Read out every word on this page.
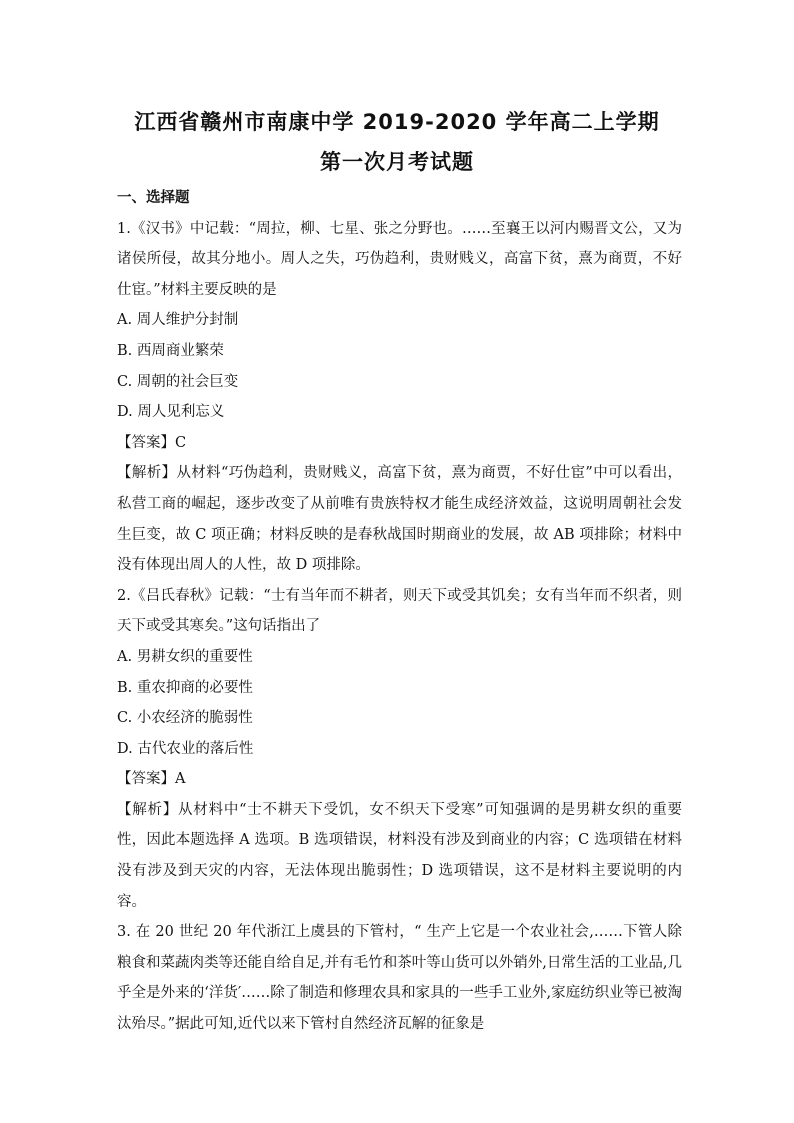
江西省赣州市南康中学 2019-2020 学年高二上学期
第一次月考试题

一、选择题

1.《汉书》中记载：“周拉，柳、七星、张之分野也。……至襄王以河内赐晋文公，又为诸侯所侵，故其分地小。周人之失，巧伪趋利，贵财贱义，高富下贫，熹为商贾，不好仕宦。”材料主要反映的是

A. 周人维护分封制

B. 西周商业繁荣

C. 周朝的社会巨变

D. 周人见利忘义

【答案】C

【解析】从材料“巧伪趋利，贵财贱义，高富下贫，熹为商贾，不好仕宦”中可以看出，私营工商的崛起，逐步改变了从前唯有贵族特权才能生成经济效益，这说明周朝社会发生巨变，故 C 项正确；材料反映的是春秋战国时期商业的发展，故 AB 项排除；材料中没有体现出周人的人性，故 D 项排除。

2.《吕氏春秋》记载：“士有当年而不耕者，则天下或受其饥矣；女有当年而不织者，则天下或受其寒矣。”这句话指出了

A. 男耕女织的重要性

B. 重农抑商的必要性

C. 小农经济的脆弱性

D. 古代农业的落后性

【答案】A

【解析】从材料中“士不耕天下受饥，女不织天下受寒”可知强调的是男耕女织的重要性，因此本题选择 A 选项。B 选项错误，材料没有涉及到商业的内容；C 选项错在材料没有涉及到天灾的内容，无法体现出脆弱性；D 选项错误，这不是材料主要说明的内容。

3. 在 20 世纪 20 年代浙江上虞县的下管村，“ 生产上它是一个农业社会,……下管人除粮食和菜蔬肉类等还能自给自足,并有毛竹和茶叶等山货可以外销外,日常生活的工业品,几乎全是外来的‘洋货′……除了制造和修理农具和家具的一些手工业外,家庭纺织业等已被淘汰殆尽。”据此可知,近代以来下管村自然经济瓦解的征象是
